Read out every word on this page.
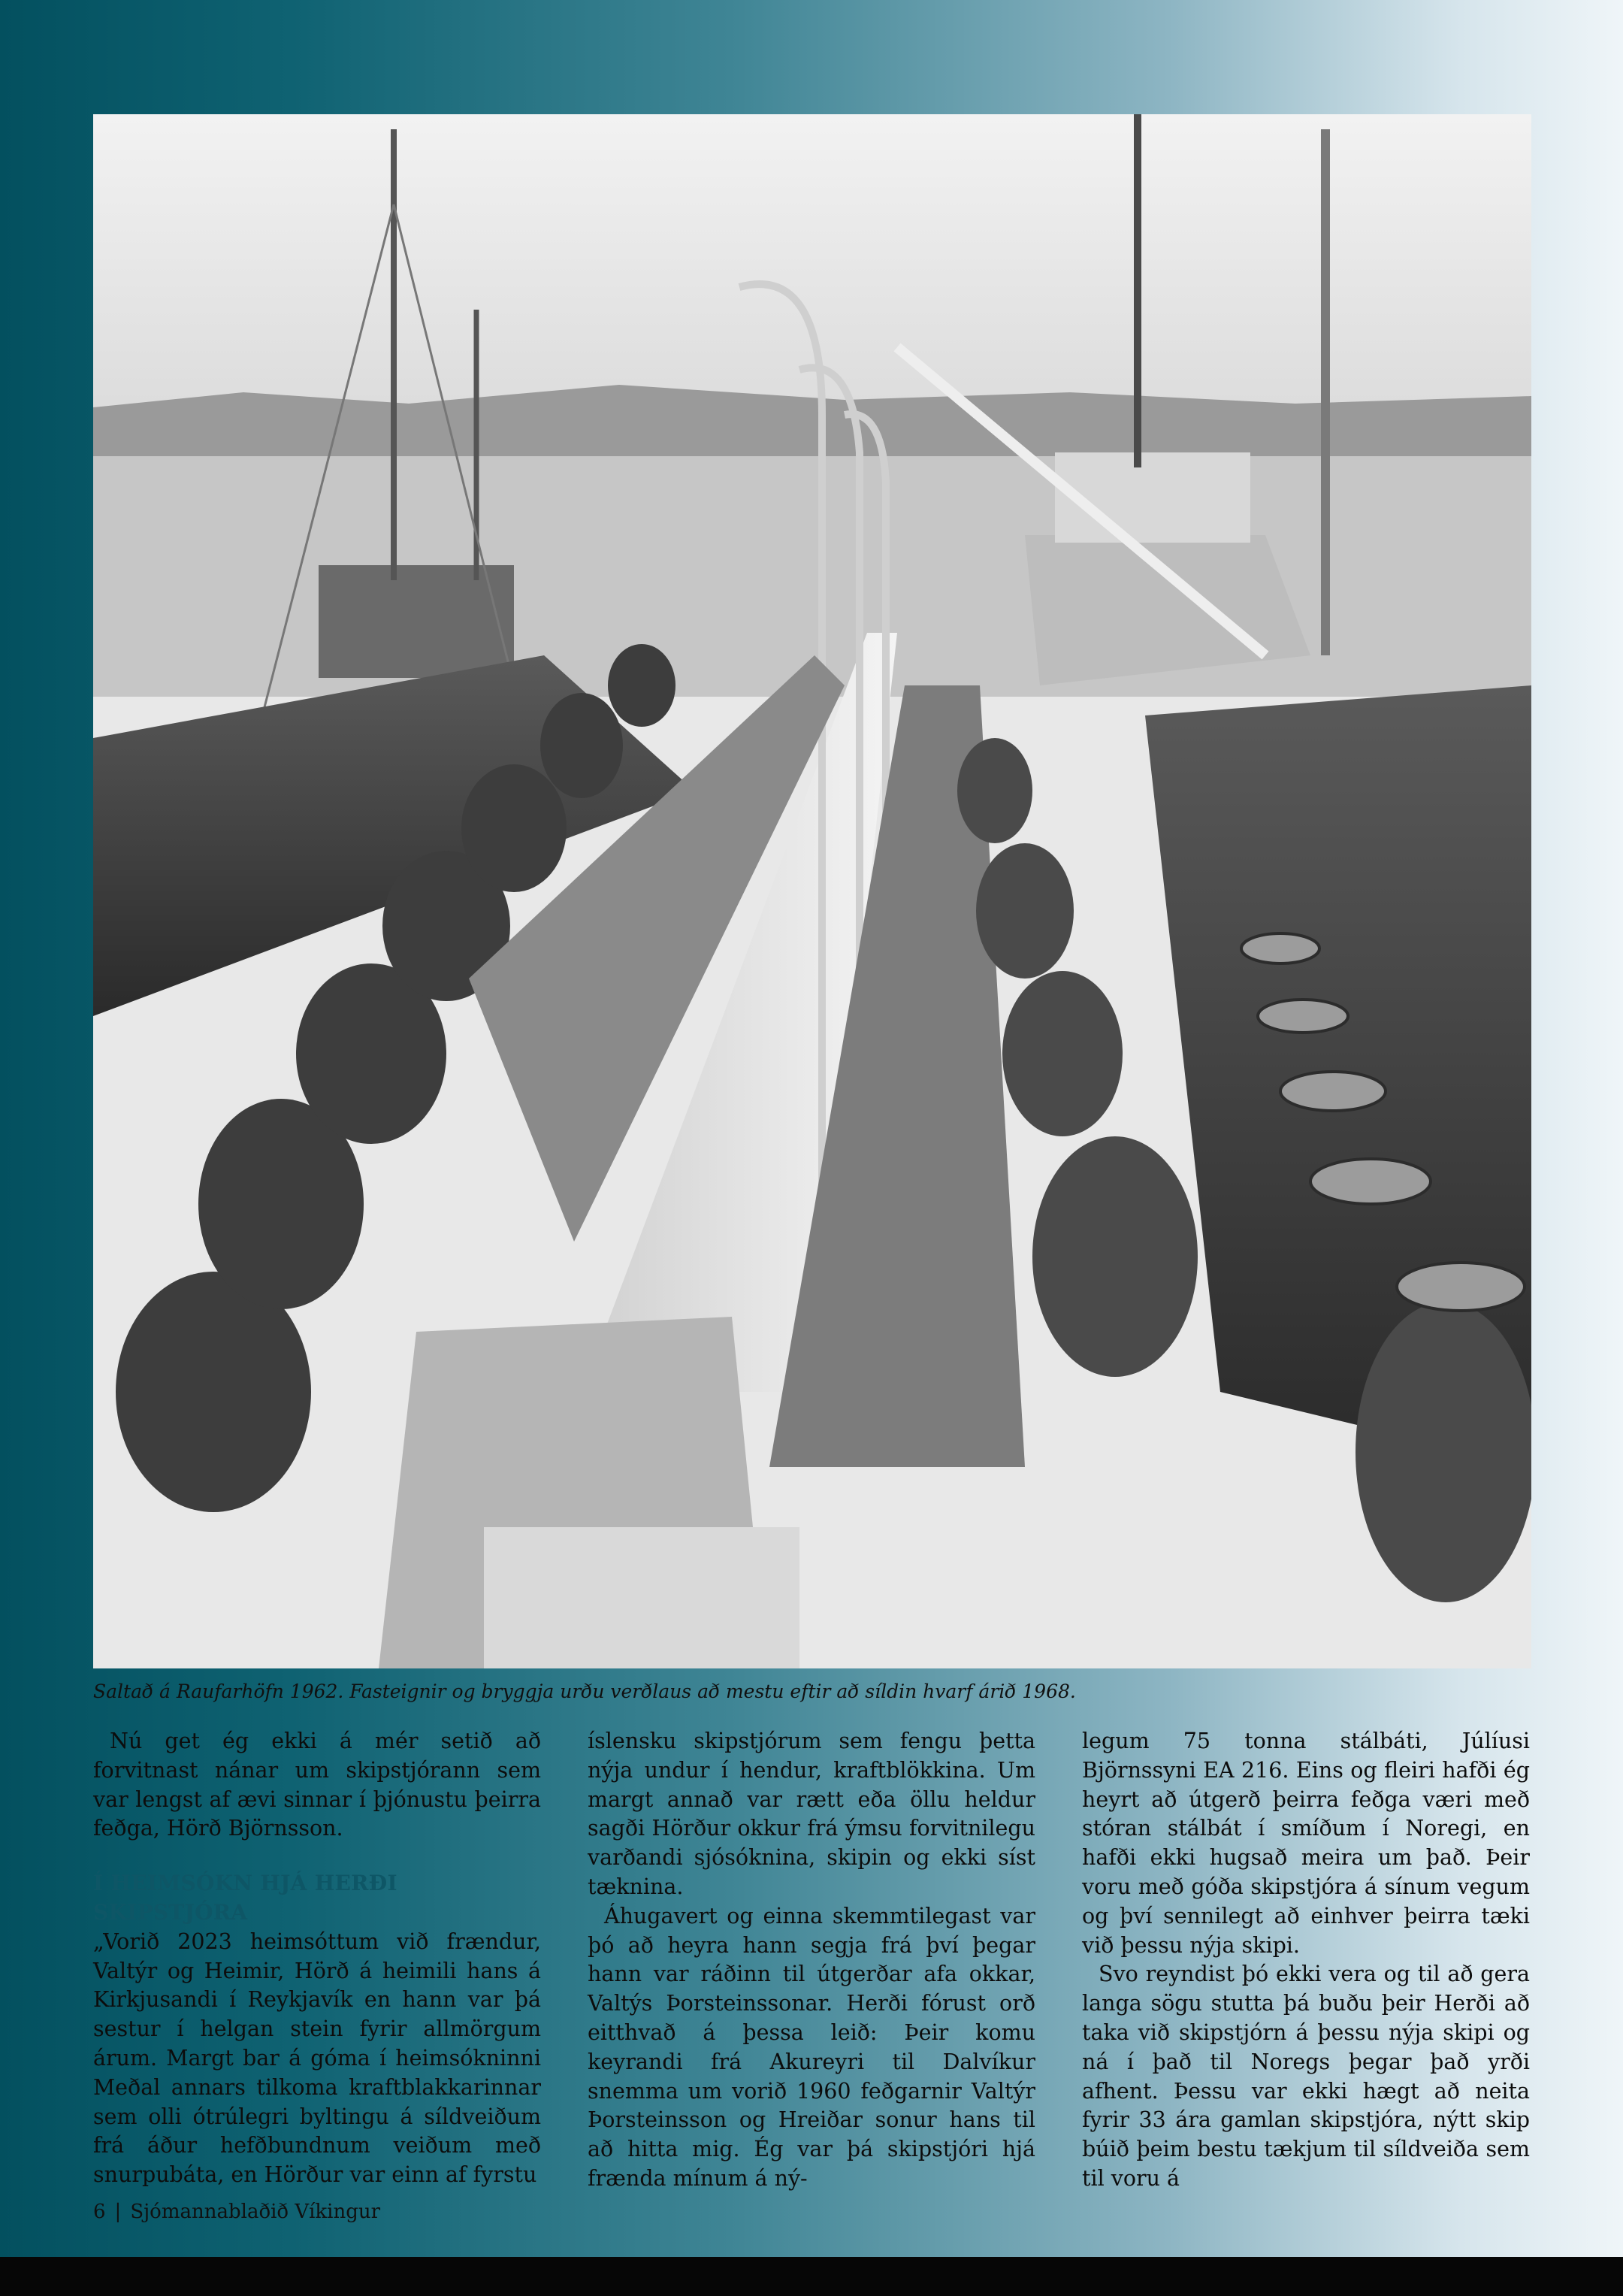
Saltað á Raufarhöfn 1962. Fasteignir og bryggja urðu verðlaus að mestu eftir að síldin hvarf árið 1968.

Nú get ég ekki á mér setið að forvitnast nánar um skipstjórann sem var lengst af ævi sinnar í þjónustu þeirra feðga, Hörð Björnsson.

Í HEIMSÓKN HJÁ HERÐI SKIPSTJÓRA

„Vorið 2023 heimsóttum við frændur, Valtýr og Heimir, Hörð á heimili hans á Kirkjusandi í Reykjavík en hann var þá sestur í helgan stein fyrir allmörgum árum. Margt bar á góma í heimsókninni Meðal annars tilkoma kraftblakkarinnar sem olli ótrúlegri byltingu á síldveiðum frá áður hefðbundnum veiðum með snurpubáta, en Hörður var einn af fyrstu

íslensku skipstjórum sem fengu þetta nýja undur í hendur, kraftblökkina. Um margt annað var rætt eða öllu heldur sagði Hörður okkur frá ýmsu forvitnilegu varðandi sjósóknina, skipin og ekki síst tæknina.

Áhugavert og einna skemmtilegast var þó að heyra hann segja frá því þegar hann var ráðinn til útgerðar afa okkar, Valtýs Þorsteinssonar. Herði fórust orð eitthvað á þessa leið: Þeir komu keyrandi frá Akureyri til Dalvíkur snemma um vorið 1960 feðgarnir Valtýr Þorsteinsson og Hreiðar sonur hans til að hitta mig. Ég var þá skipstjóri hjá frænda mínum á ný-

legum 75 tonna stálbáti, Júlíusi Björnssyni EA 216. Eins og fleiri hafði ég heyrt að útgerð þeirra feðga væri með stóran stálbát í smíðum í Noregi, en hafði ekki hugsað meira um það. Þeir voru með góða skipstjóra á sínum vegum og því sennilegt að einhver þeirra tæki við þessu nýja skipi.

Svo reyndist þó ekki vera og til að gera langa sögu stutta þá buðu þeir Herði að taka við skipstjórn á þessu nýja skipi og ná í það til Noregs þegar það yrði afhent. Þessu var ekki hægt að neita fyrir 33 ára gamlan skipstjóra, nýtt skip búið þeim bestu tækjum til síldveiða sem til voru á

6 | Sjómannablaðið Víkingur
